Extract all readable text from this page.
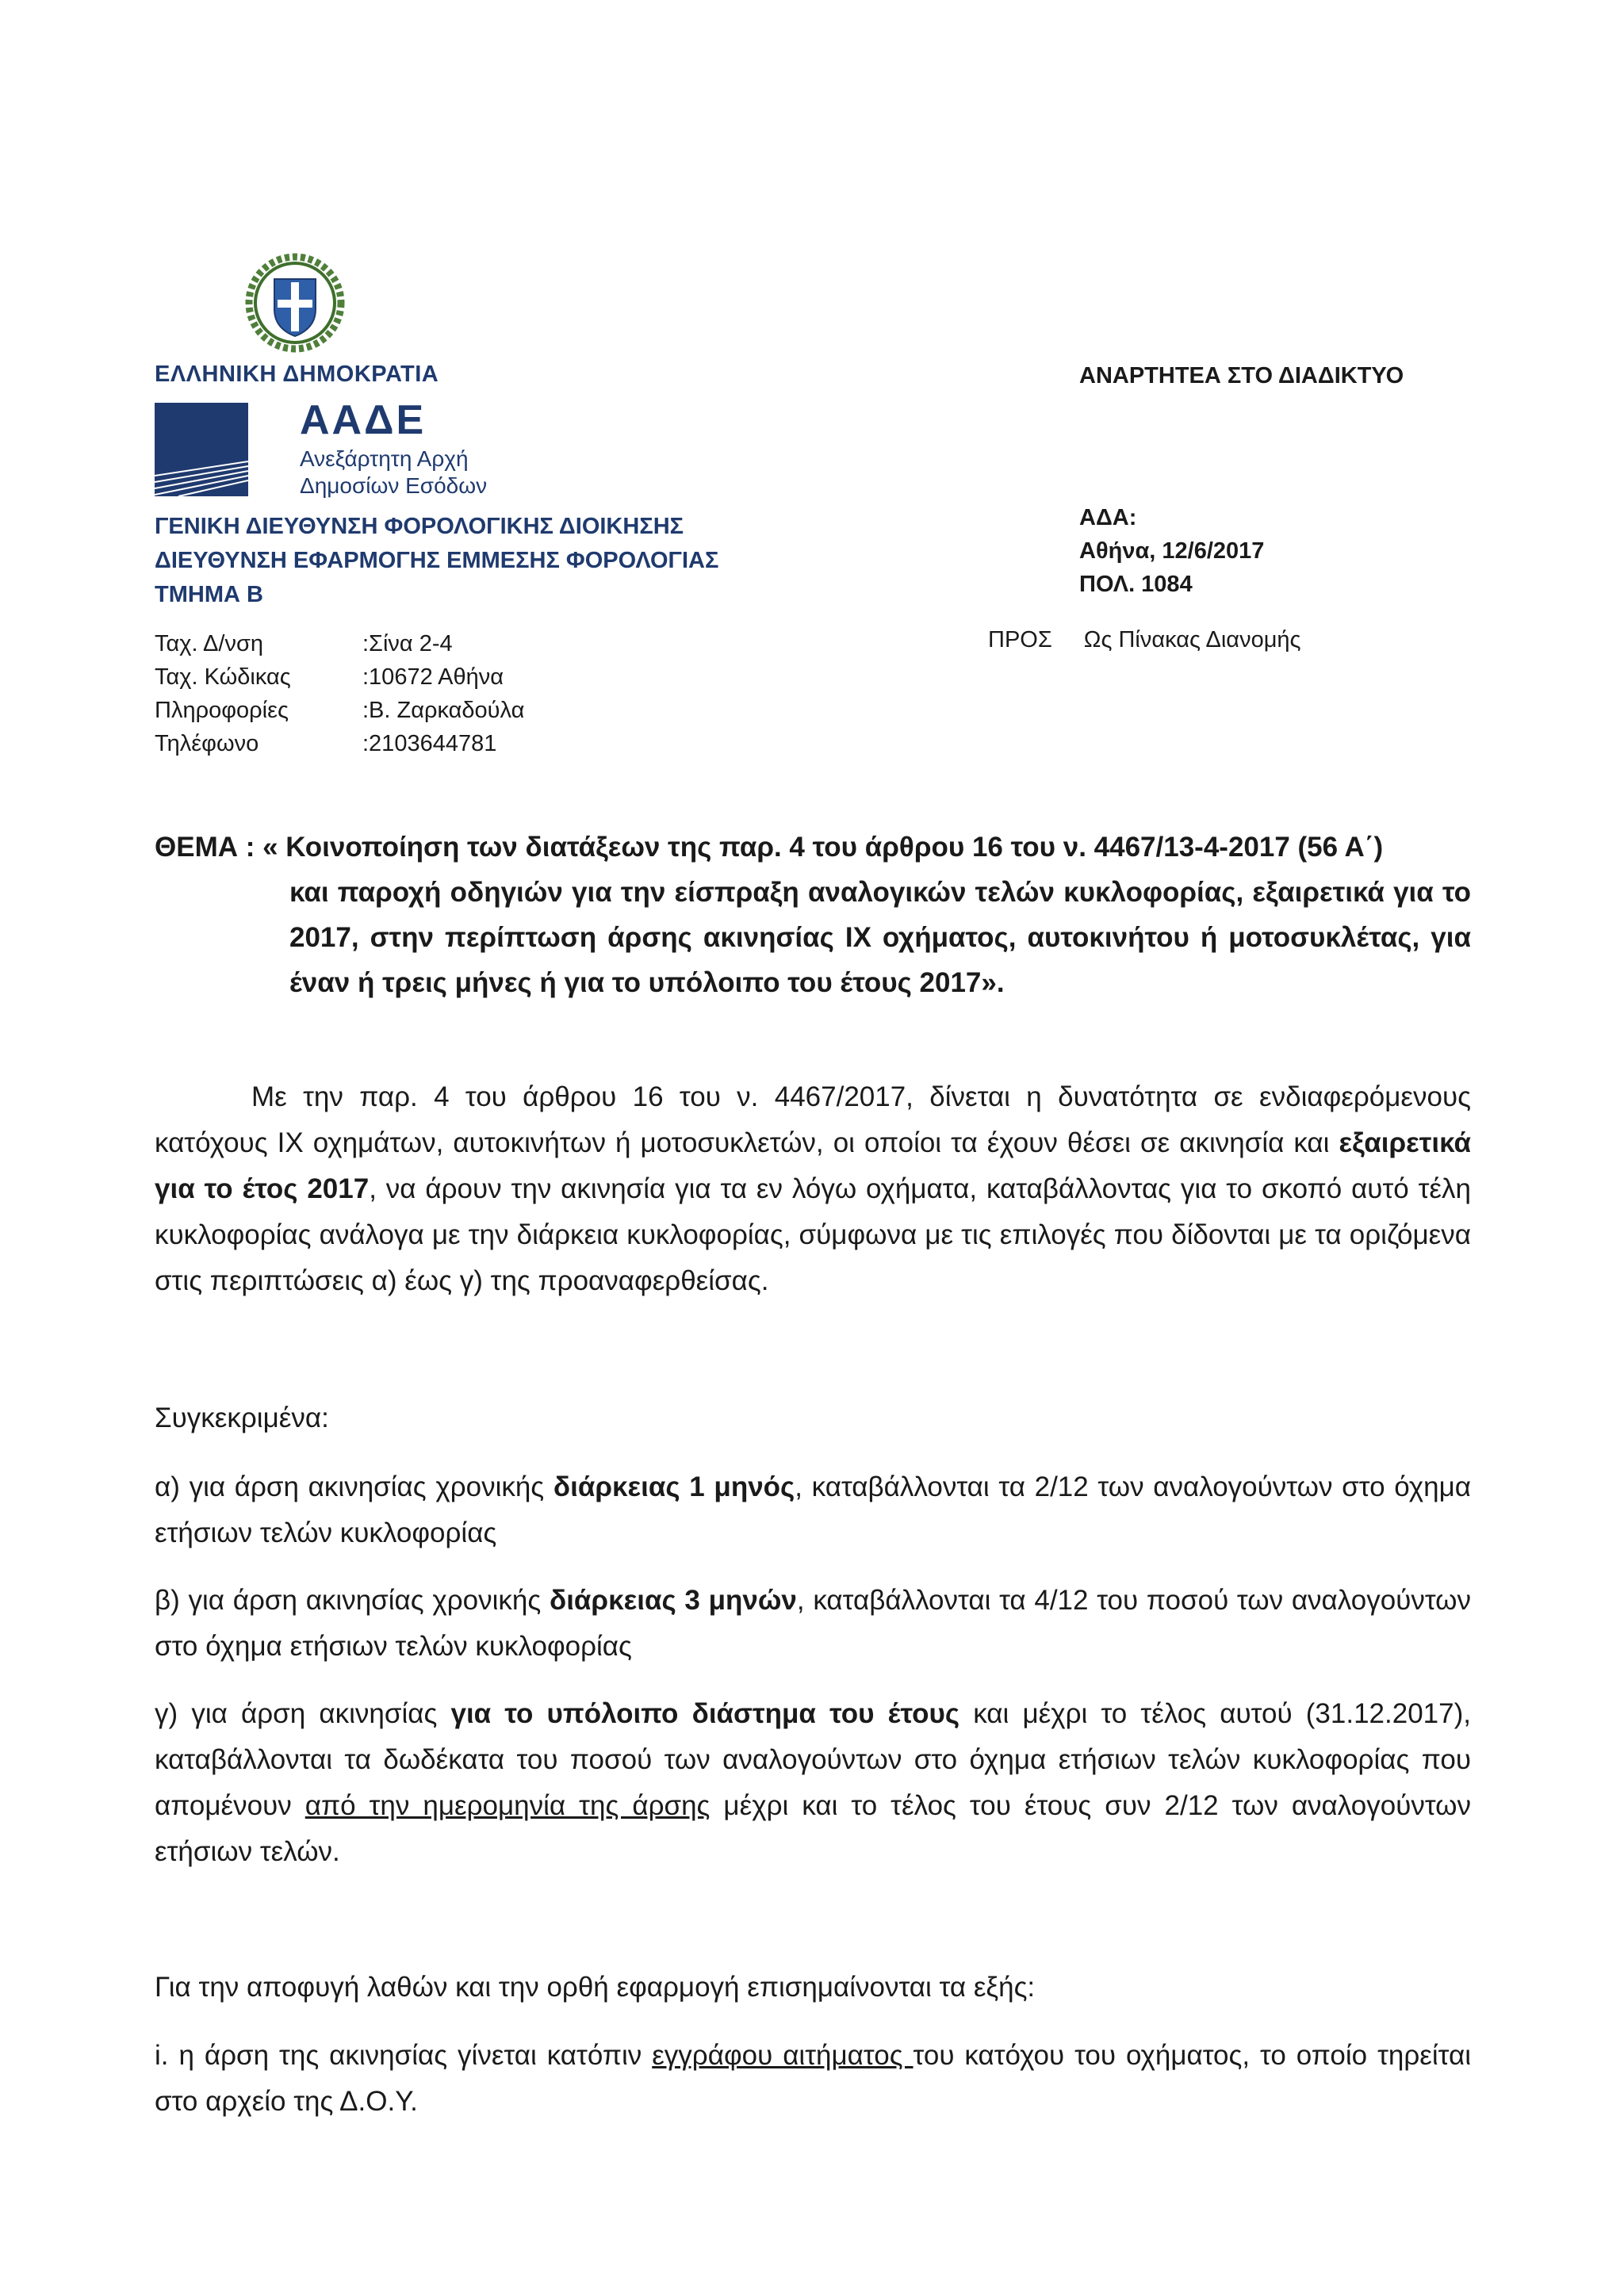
ΕΛΛΗΝΙΚΗ ΔΗΜΟΚΡΑΤΙΑ
ΑΑΔΕ
Ανεξάρτητη Αρχή
Δημοσίων Εσόδων
ΓΕΝΙΚΗ ΔΙΕΥΘΥΝΣΗ ΦΟΡΟΛΟΓΙΚΗΣ ΔΙΟΙΚΗΣΗΣ
ΔΙΕΥΘΥΝΣΗ ΕΦΑΡΜΟΓΗΣ ΕΜΜΕΣΗΣ ΦΟΡΟΛΟΓΙΑΣ
ΤΜΗΜΑ Β
Ταχ. Δ/νση	:Σίνα 2-4
Ταχ. Κώδικας	:10672 Αθήνα
Πληροφορίες	:Β. Ζαρκαδούλα
Τηλέφωνο	:2103644781
ΑΝΑΡΤΗΤΕΑ ΣΤΟ ΔΙΑΔΙΚΤΥΟ
ΑΔΑ:
Αθήνα, 12/6/2017
ΠΟΛ. 1084
ΠΡΟΣ Ως Πίνακας Διανομής
ΘΕΜΑ : « Κοινοποίηση των διατάξεων της παρ. 4 του άρθρου 16 του ν. 4467/13-4-2017 (56 Α΄)
και παροχή οδηγιών για την είσπραξη αναλογικών τελών κυκλοφορίας, εξαιρετικά για το 2017, στην περίπτωση άρσης ακινησίας ΙΧ οχήματος, αυτοκινήτου ή μοτοσυκλέτας, για έναν ή τρεις μήνες ή για το υπόλοιπο του έτους 2017».
Με την παρ. 4 του άρθρου 16 του ν. 4467/2017, δίνεται η δυνατότητα σε ενδιαφερόμενους κατόχους ΙΧ οχημάτων, αυτοκινήτων ή μοτοσυκλετών, οι οποίοι τα έχουν θέσει σε ακινησία και εξαιρετικά για το έτος 2017, να άρουν την ακινησία για τα εν λόγω οχήματα, καταβάλλοντας για το σκοπό αυτό τέλη κυκλοφορίας ανάλογα με την διάρκεια κυκλοφορίας, σύμφωνα με τις επιλογές που δίδονται με τα οριζόμενα στις περιπτώσεις α) έως γ) της προαναφερθείσας.
Συγκεκριμένα:
α) για άρση ακινησίας χρονικής διάρκειας 1 μηνός, καταβάλλονται τα 2/12 των αναλογούντων στο όχημα ετήσιων τελών κυκλοφορίας
β) για άρση ακινησίας χρονικής διάρκειας 3 μηνών, καταβάλλονται τα 4/12 του ποσού των αναλογούντων στο όχημα ετήσιων τελών κυκλοφορίας
γ) για άρση ακινησίας για το υπόλοιπο διάστημα του έτους και μέχρι το τέλος αυτού (31.12.2017), καταβάλλονται τα δωδέκατα του ποσού των αναλογούντων στο όχημα ετήσιων τελών κυκλοφορίας που απομένουν από την ημερομηνία της άρσης μέχρι και το τέλος του έτους συν 2/12 των αναλογούντων ετήσιων τελών.
Για την αποφυγή λαθών και την ορθή εφαρμογή επισημαίνονται τα εξής:
i. η άρση της ακινησίας γίνεται κατόπιν εγγράφου αιτήματος του κατόχου του οχήματος, το οποίο τηρείται στο αρχείο της Δ.Ο.Υ.
